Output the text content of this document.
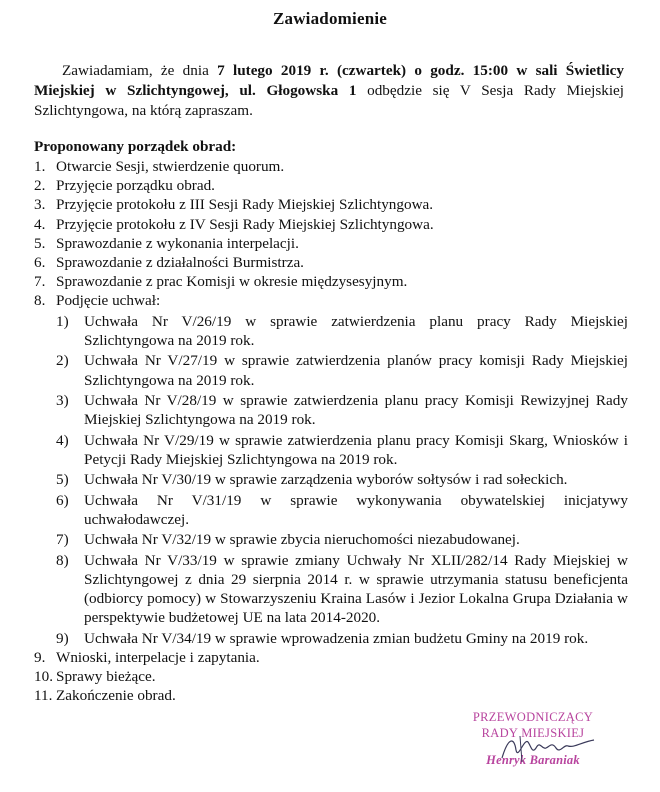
Zawiadomienie
Zawiadamiam, że dnia 7 lutego 2019 r. (czwartek) o godz. 15:00 w sali Świetlicy Miejskiej w Szlichtyngowej, ul. Głogowska 1 odbędzie się V Sesja Rady Miejskiej Szlichtyngowa, na którą zapraszam.
Proponowany porządek obrad:
1. Otwarcie Sesji, stwierdzenie quorum.
2. Przyjęcie porządku obrad.
3. Przyjęcie protokołu z III Sesji Rady Miejskiej Szlichtyngowa.
4. Przyjęcie protokołu z IV Sesji Rady Miejskiej Szlichtyngowa.
5. Sprawozdanie z wykonania interpelacji.
6. Sprawozdanie z działalności Burmistrza.
7. Sprawozdanie z prac Komisji w okresie międzysesyjnym.
8. Podjęcie uchwał:
1) Uchwała Nr V/26/19 w sprawie zatwierdzenia planu pracy Rady Miejskiej Szlichtyngowa na 2019 rok.
2) Uchwała Nr V/27/19 w sprawie zatwierdzenia planów pracy komisji Rady Miejskiej Szlichtyngowa na 2019 rok.
3) Uchwała Nr V/28/19 w sprawie zatwierdzenia planu pracy Komisji Rewizyjnej Rady Miejskiej Szlichtyngowa na 2019 rok.
4) Uchwała Nr V/29/19 w sprawie zatwierdzenia planu pracy Komisji Skarg, Wniosków i Petycji Rady Miejskiej Szlichtyngowa na 2019 rok.
5) Uchwała Nr V/30/19 w sprawie zarządzenia wyborów sołtysów i rad sołeckich.
6) Uchwała Nr V/31/19 w sprawie wykonywania obywatelskiej inicjatywy uchwałodawczej.
7) Uchwała Nr V/32/19 w sprawie zbycia nieruchomości niezabudowanej.
8) Uchwała Nr V/33/19 w sprawie zmiany Uchwały Nr XLII/282/14 Rady Miejskiej w Szlichtyngowej z dnia 29 sierpnia 2014 r. w sprawie utrzymania statusu beneficjenta (odbiorcy pomocy) w Stowarzyszeniu Kraina Lasów i Jezior Lokalna Grupa Działania w perspektywie budżetowej UE na lata 2014-2020.
9) Uchwała Nr V/34/19 w sprawie wprowadzenia zmian budżetu Gminy na 2019 rok.
9. Wnioski, interpelacje i zapytania.
10. Sprawy bieżące.
11. Zakończenie obrad.
PRZEWODNICZĄCY
RADY MIEJSKIEJ
Henryk Baraniak
